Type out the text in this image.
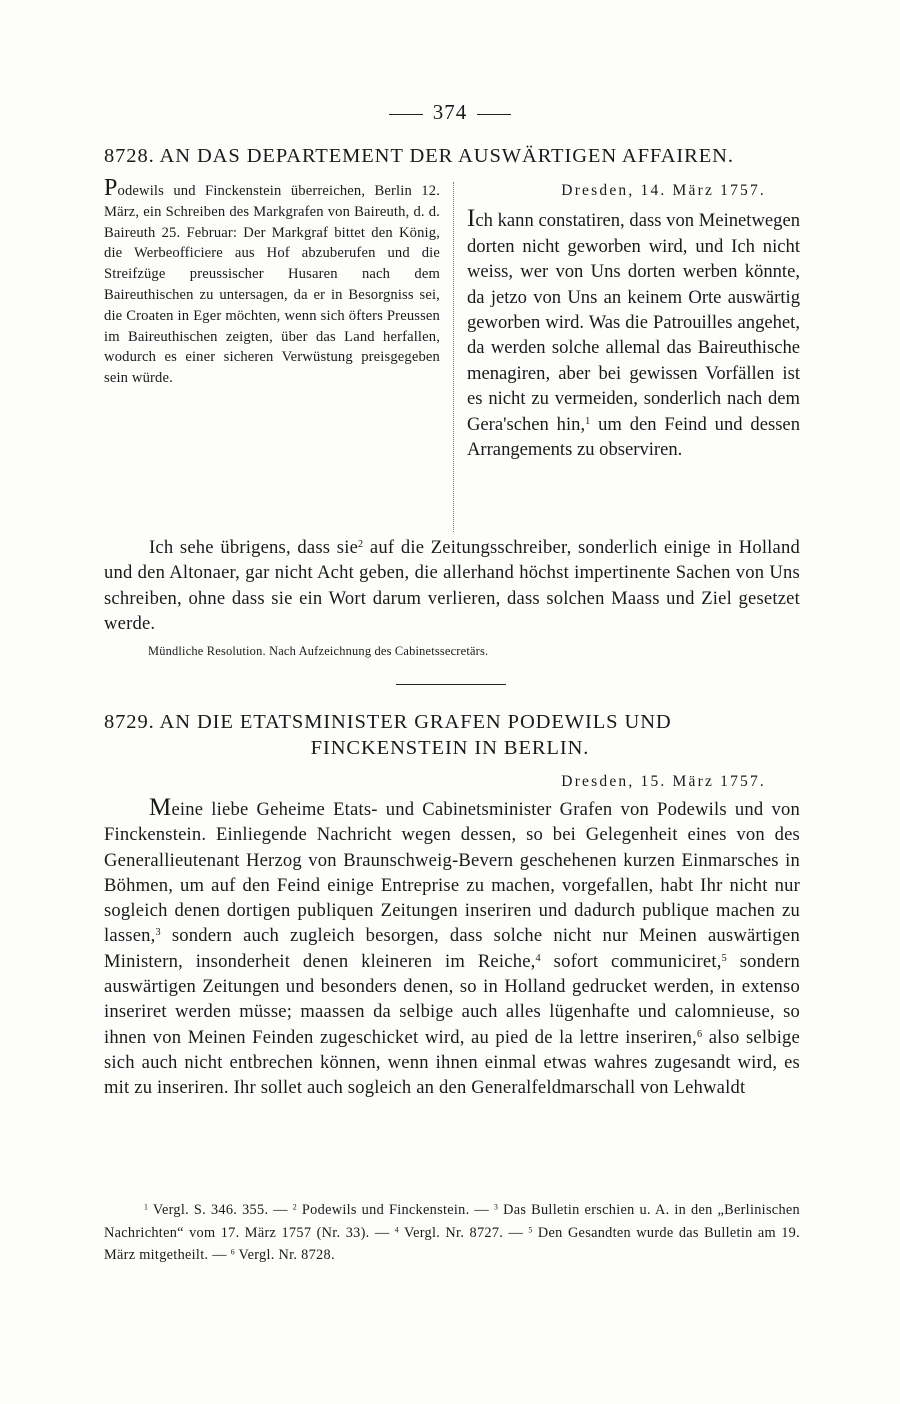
374
8728. AN DAS DEPARTEMENT DER AUSWÄRTIGEN AFFAIREN.

Podewils und Finckenstein überreichen, Berlin 12. März, ein Schreiben des Markgrafen von Baireuth, d. d. Baireuth 25. Februar: Der Markgraf bittet den König, die Werbeofficiere aus Hof abzuberufen und die Streifzüge preussischer Husaren nach dem Baireuthischen zu untersagen, da er in Besorgniss sei, die Croaten in Eger möchten, wenn sich öfters Preussen im Baireuthischen zeigten, über das Land herfallen, wodurch es einer sicheren Verwüstung preisgegeben sein würde.

Dresden, 14. März 1757.

Ich kann constatiren, dass von Meinetwegen dorten nicht geworben wird, und Ich nicht weiss, wer von Uns dorten werben könnte, da jetzo von Uns an keinem Orte auswärtig geworben wird. Was die Patrouilles angehet, da werden solche allemal das Baireuthische menagiren, aber bei gewissen Vorfällen ist es nicht zu vermeiden, sonderlich nach dem Gera'schen hin,$^1$ um den Feind und dessen Arrangements zu observiren.

Ich sehe übrigens, dass sie$^2$ auf die Zeitungsschreiber, sonderlich einige in Holland und den Altonaer, gar nicht Acht geben, die allerhand höchst impertinente Sachen von Uns schreiben, ohne dass sie ein Wort darum verlieren, dass solchen Maass und Ziel gesetzet werde.

Mündliche Resolution. Nach Aufzeichnung des Cabinetssecretärs.
8729. AN DIE ETATSMINISTER GRAFEN PODEWILS UND
FINCKENSTEIN IN BERLIN.
Dresden, 15. März 1757.

Meine liebe Geheime Etats- und Cabinetsminister Grafen von Podewils und von Finckenstein. Einliegende Nachricht wegen dessen, so bei Gelegenheit eines von des Generallieutenant Herzog von Braunschweig-Bevern geschehenen kurzen Einmarsches in Böhmen, um auf den Feind einige Entreprise zu machen, vorgefallen, habt Ihr nicht nur sogleich denen dortigen publiquen Zeitungen inseriren und dadurch publique machen zu lassen,$^3$ sondern auch zugleich besorgen, dass solche nicht nur Meinen auswärtigen Ministern, insonderheit denen kleineren im Reiche,$^4$ sofort communiciret,$^5$ sondern auswärtigen Zeitungen und besonders denen, so in Holland gedrucket werden, in extenso inseriret werden müsse; maassen da selbige auch alles lügenhafte und calomnieuse, so ihnen von Meinen Feinden zugeschicket wird, au pied de la lettre inseriren,$^6$ also selbige sich auch nicht entbrechen können, wenn ihnen einmal etwas wahres zugesandt wird, es mit zu inseriren. Ihr sollet auch sogleich an den Generalfeldmarschall von Lehwaldt

$^1$ Vergl. S. 346. 355. — $^2$ Podewils und Finckenstein. — $^3$ Das Bulletin erschien u. A. in den „Berlinischen Nachrichten“ vom 17. März 1757 (Nr. 33). — $^4$ Vergl. Nr. 8727. — $^5$ Den Gesandten wurde das Bulletin am 19. März mitgetheilt. — $^6$ Vergl. Nr. 8728.
